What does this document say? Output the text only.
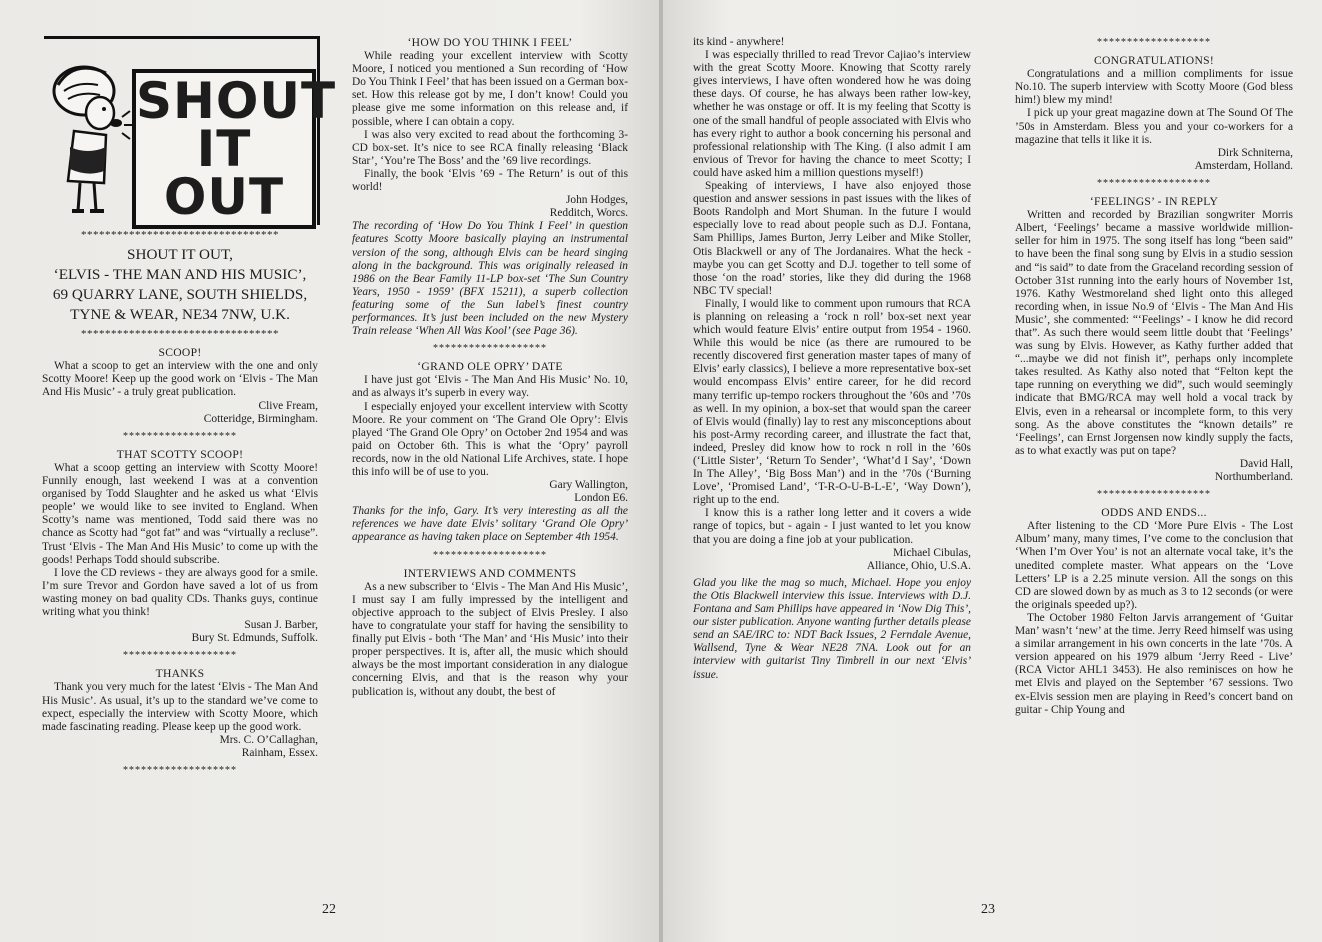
SHOUT
IT
OUT
*********************************
SHOUT IT OUT,
‘ELVIS - THE MAN AND HIS MUSIC’,
69 QUARRY LANE, SOUTH SHIELDS,
TYNE & WEAR, NE34 7NW, U.K.
*********************************
SCOOP!

What a scoop to get an interview with the one and only Scotty Moore! Keep up the good work on ‘Elvis - The Man And His Music’ - a truly great publication.

Clive Fream,
Cotteridge, Birmingham.
*******************
THAT SCOTTY SCOOP!

What a scoop getting an interview with Scotty Moore! Funnily enough, last weekend I was at a convention organised by Todd Slaughter and he asked us what ‘Elvis people’ we would like to see invited to England. When Scotty’s name was mentioned, Todd said there was no chance as Scotty had “got fat” and was “virtually a recluse”. Trust ‘Elvis - The Man And His Music’ to come up with the goods! Perhaps Todd should subscribe.

I love the CD reviews - they are always good for a smile. I’m sure Trevor and Gordon have saved a lot of us from wasting money on bad quality CDs. Thanks guys, continue writing what you think!

Susan J. Barber,
Bury St. Edmunds, Suffolk.
*******************
THANKS

Thank you very much for the latest ‘Elvis - The Man And His Music’. As usual, it’s up to the standard we’ve come to expect, especially the interview with Scotty Moore, which made fascinating reading. Please keep up the good work.

Mrs. C. O’Callaghan,
Rainham, Essex.
*******************
‘HOW DO YOU THINK I FEEL’

While reading your excellent interview with Scotty Moore, I noticed you mentioned a Sun recording of ‘How Do You Think I Feel’ that has been issued on a German box-set. How this release got by me, I don’t know! Could you please give me some information on this release and, if possible, where I can obtain a copy.

I was also very excited to read about the forthcoming 3-CD box-set. It’s nice to see RCA finally releasing ‘Black Star’, ‘You’re The Boss’ and the ’69 live recordings.

Finally, the book ‘Elvis ’69 - The Return’ is out of this world!

John Hodges,
Redditch, Worcs.
The recording of ‘How Do You Think I Feel’ in question features Scotty Moore basically playing an instrumental version of the song, although Elvis can be heard singing along in the background. This was originally released in 1986 on the Bear Family 11-LP box-set ‘The Sun Country Years, 1950 - 1959’ (BFX 15211), a superb collection featuring some of the Sun label’s finest country performances. It’s just been included on the new Mystery Train release ‘When All Was Kool’ (see Page 36).
*******************
‘GRAND OLE OPRY’ DATE

I have just got ‘Elvis - The Man And His Music’ No. 10, and as always it’s superb in every way.

I especially enjoyed your excellent interview with Scotty Moore. Re your comment on ‘The Grand Ole Opry’: Elvis played ‘The Grand Ole Opry’ on October 2nd 1954 and was paid on October 6th. This is what the ‘Opry’ payroll records, now in the old National Life Archives, state. I hope this info will be of use to you.

Gary Wallington,
London E6.
Thanks for the info, Gary. It’s very interesting as all the references we have date Elvis’ solitary ‘Grand Ole Opry’ appearance as having taken place on September 4th 1954.
*******************
INTERVIEWS AND COMMENTS

As a new subscriber to ‘Elvis - The Man And His Music’, I must say I am fully impressed by the intelligent and objective approach to the subject of Elvis Presley. I also have to congratulate your staff for having the sensibility to finally put Elvis - both ‘The Man’ and ‘His Music’ into their proper perspectives. It is, after all, the music which should always be the most important consideration in any dialogue concerning Elvis, and that is the reason why your publication is, without any doubt, the best of

22

its kind - anywhere!

I was especially thrilled to read Trevor Cajiao’s interview with the great Scotty Moore. Knowing that Scotty rarely gives interviews, I have often wondered how he was doing these days. Of course, he has always been rather low-key, whether he was onstage or off. It is my feeling that Scotty is one of the small handful of people associated with Elvis who has every right to author a book concerning his personal and professional relationship with The King. (I also admit I am envious of Trevor for having the chance to meet Scotty; I could have asked him a million questions myself!)

Speaking of interviews, I have also enjoyed those question and answer sessions in past issues with the likes of Boots Randolph and Mort Shuman. In the future I would especially love to read about people such as D.J. Fontana, Sam Phillips, James Burton, Jerry Leiber and Mike Stoller, Otis Blackwell or any of The Jordanaires. What the heck - maybe you can get Scotty and D.J. together to tell some of those ‘on the road’ stories, like they did during the 1968 NBC TV special!

Finally, I would like to comment upon rumours that RCA is planning on releasing a ‘rock n roll’ box-set next year which would feature Elvis’ entire output from 1954 - 1960. While this would be nice (as there are rumoured to be recently discovered first generation master tapes of many of Elvis’ early classics), I believe a more representative box-set would encompass Elvis’ entire career, for he did record many terrific up-tempo rockers throughout the ’60s and ’70s as well. In my opinion, a box-set that would span the career of Elvis would (finally) lay to rest any misconceptions about his post-Army recording career, and illustrate the fact that, indeed, Presley did know how to rock n roll in the ’60s (‘Little Sister’, ‘Return To Sender’, ‘What’d I Say’, ‘Down In The Alley’, ‘Big Boss Man’) and in the ’70s (‘Burning Love’, ‘Promised Land’, ‘T-R-O-U-B-L-E’, ‘Way Down’), right up to the end.

I know this is a rather long letter and it covers a wide range of topics, but - again - I just wanted to let you know that you are doing a fine job at your publication.

Michael Cibulas,
Alliance, Ohio, U.S.A.
Glad you like the mag so much, Michael. Hope you enjoy the Otis Blackwell interview this issue. Interviews with D.J. Fontana and Sam Phillips have appeared in ‘Now Dig This’, our sister publication. Anyone wanting further details please send an SAE/IRC to: NDT Back Issues, 2 Ferndale Avenue, Wallsend, Tyne & Wear NE28 7NA. Look out for an interview with guitarist Tiny Timbrell in our next ‘Elvis’ issue.
*******************
CONGRATULATIONS!

Congratulations and a million compliments for issue No.10. The superb interview with Scotty Moore (God bless him!) blew my mind!

I pick up your great magazine down at The Sound Of The ’50s in Amsterdam. Bless you and your co-workers for a magazine that tells it like it is.

Dirk Schniterna,
Amsterdam, Holland.
*******************
‘FEELINGS’ - IN REPLY

Written and recorded by Brazilian songwriter Morris Albert, ‘Feelings’ became a massive worldwide million-seller for him in 1975. The song itself has long “been said” to have been the final song sung by Elvis in a studio session and “is said” to date from the Graceland recording session of October 31st running into the early hours of November 1st, 1976. Kathy Westmoreland shed light onto this alleged recording when, in issue No.9 of ‘Elvis - The Man And His Music’, she commented: “‘Feelings’ - I know he did record that”. As such there would seem little doubt that ‘Feelings’ was sung by Elvis. However, as Kathy further added that “...maybe we did not finish it”, perhaps only incomplete takes resulted. As Kathy also noted that “Felton kept the tape running on everything we did”, such would seemingly indicate that BMG/RCA may well hold a vocal track by Elvis, even in a rehearsal or incomplete form, to this very song. As the above constitutes the “known details” re ‘Feelings’, can Ernst Jorgensen now kindly supply the facts, as to what exactly was put on tape?

David Hall,
Northumberland.
*******************
ODDS AND ENDS...

After listening to the CD ‘More Pure Elvis - The Lost Album’ many, many times, I’ve come to the conclusion that ‘When I’m Over You’ is not an alternate vocal take, it’s the unedited complete master. What appears on the ‘Love Letters’ LP is a 2.25 minute version. All the songs on this CD are slowed down by as much as 3 to 12 seconds (or were the originals speeded up?).

The October 1980 Felton Jarvis arrangement of ‘Guitar Man’ wasn’t ‘new’ at the time. Jerry Reed himself was using a similar arrangement in his own concerts in the late ’70s. A version appeared on his 1979 album ‘Jerry Reed - Live’ (RCA Victor AHL1 3453). He also reminisces on how he met Elvis and played on the September ’67 sessions. Two ex-Elvis session men are playing in Reed’s concert band on guitar - Chip Young and

23
